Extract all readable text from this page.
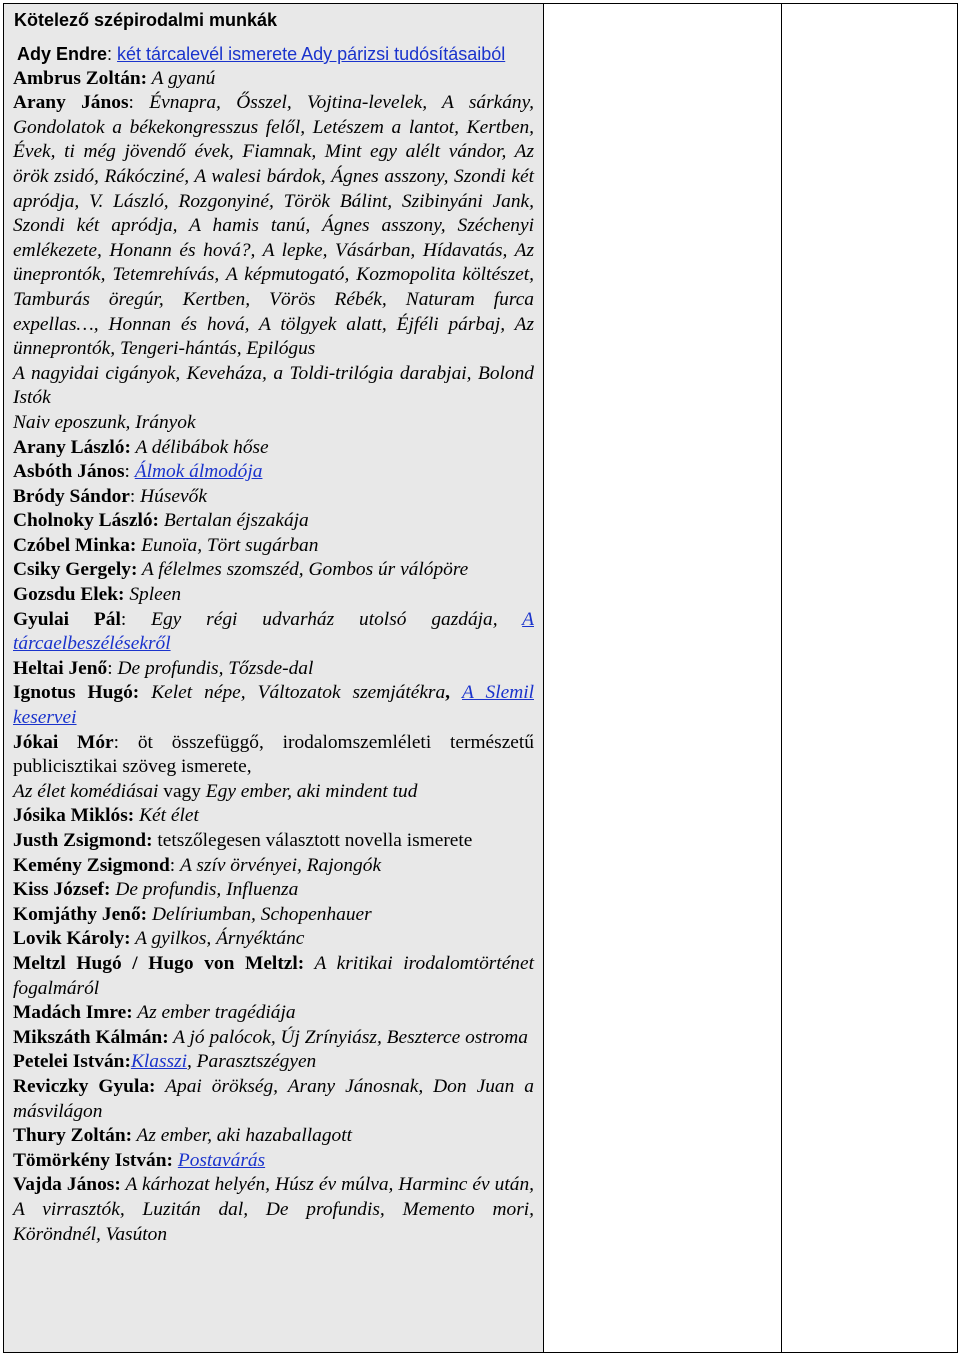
Kötelező szépirodalmi munkák

Ady Endre: két tárcalevél ismerete Ady párizsi tudósításaiból

Ambrus Zoltán: A gyanú

Arany János: Évnapra, Ősszel, Vojtina-levelek, A sárkány, Gondolatok a békekongresszus felől, Letészem a lantot, Kertben, Évek, ti még jövendő évek, Fiamnak, Mint egy alélt vándor, Az örök zsidó, Rákócziné, A walesi bárdok, Ágnes asszony, Szondi két apródja, V. László, Rozgonyiné, Török Bálint, Szibinyáni Jank, Szondi két apródja, A hamis tanú, Ágnes asszony, Széchenyi emlékezete, Honann és hová?, A lepke, Vásárban, Hídavatás, Az üneprontók, Tetemrehívás, A képmutogató, Kozmopolita költészet, Tamburás öregúr, Kertben, Vörös Rébék, Naturam furca expellas…, Honnan és hová, A tölgyek alatt, Éjféli párbaj, Az ünneprontók, Tengeri-hántás, Epilógus

A nagyidai cigányok, Keveháza, a Toldi-trilógia darabjai, Bolond Istók

Naiv eposzunk, Irányok

Arany László: A délibábok hőse

Asbóth János: Álmok álmodója

Bródy Sándor: Húsevők

Cholnoky László: Bertalan éjszakája

Czóbel Minka: Eunoïa, Tört sugárban

Csiky Gergely: A félelmes szomszéd, Gombos úr válópöre

Gozsdu Elek: Spleen

Gyulai Pál: Egy régi udvarház utolsó gazdája, A tárcaelbeszélésekről

Heltai Jenő: De profundis, Tőzsde-dal

Ignotus Hugó: Kelet népe, Változatok szemjátékra, A Slemil keservei

Jókai Mór: öt összefüggő, irodalomszemléleti természetű publicisztikai szöveg ismerete,

Az élet komédiásai vagy Egy ember, aki mindent tud

Jósika Miklós: Két élet

Justh Zsigmond: tetszőlegesen választott novella ismerete

Kemény Zsigmond: A szív örvényei, Rajongók

Kiss József: De profundis, Influenza

Komjáthy Jenő: Delíriumban, Schopenhauer

Lovik Károly: A gyilkos, Árnyéktánc

Meltzl Hugó / Hugo von Meltzl: A kritikai irodalomtörténet fogalmáról

Madách Imre: Az ember tragédiája

Mikszáth Kálmán: A jó palócok, Új Zrínyiász, Beszterce ostroma

Petelei István:Klasszi, Parasztszégyen

Reviczky Gyula: Apai örökség, Arany Jánosnak, Don Juan a másvilágon

Thury Zoltán: Az ember, aki hazaballagott

Tömörkény István: Postavárás

Vajda János: A kárhozat helyén, Húsz év múlva, Harminc év után, A virrasztók, Luzitán dal, De profundis, Memento mori, Köröndnél, Vasúton
